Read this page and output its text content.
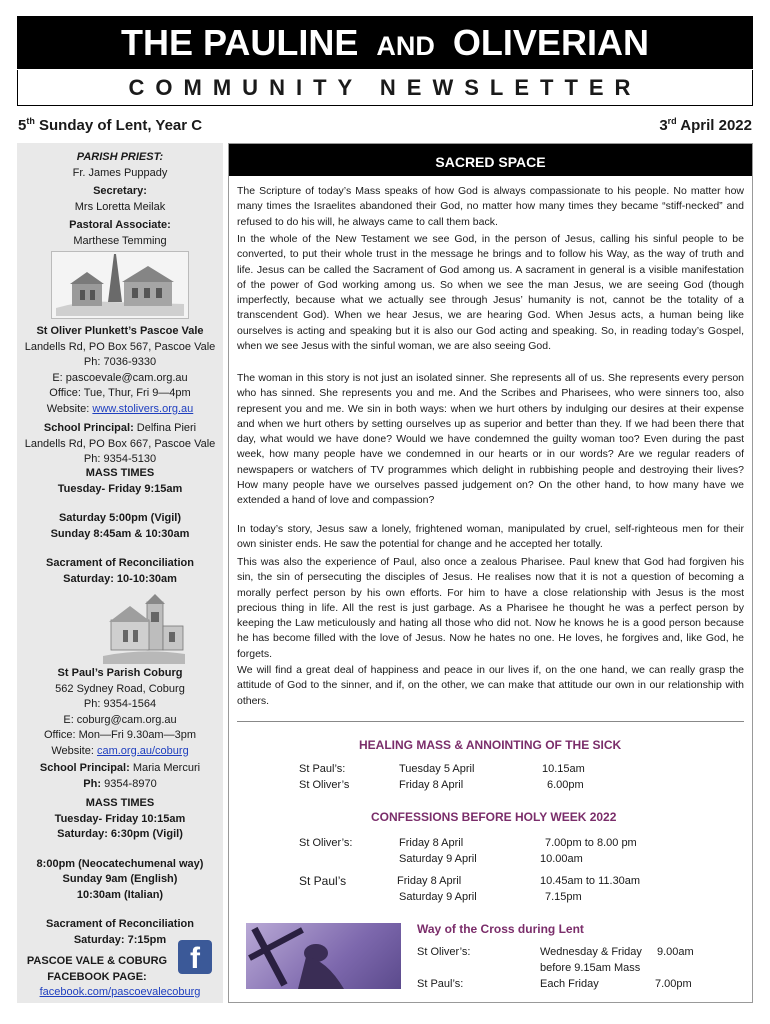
THE PAULINE AND OLIVERIAN
COMMUNITY NEWSLETTER
5th Sunday of Lent, Year C	3rd April 2022
PARISH PRIEST:
Fr. James Puppady
Secretary:
Mrs Loretta Meilak
Pastoral Associate:
Marthese Temming
St Oliver Plunkett’s Pascoe Vale
Landells Rd, PO Box 567, Pascoe Vale
Ph: 7036-9330
E: pascoevale@cam.org.au
Office: Tue, Thur, Fri 9—4pm
Website: www.stolivers.org.au
School Principal: Delfina Pieri
Landells Rd, PO Box 667, Pascoe Vale
Ph: 9354-5130
MASS TIMES
Tuesday- Friday 9:15am
Saturday 5:00pm (Vigil)
Sunday 8:45am & 10:30am
Sacrament of Reconciliation
Saturday: 10-10:30am
St Paul’s Parish Coburg
562 Sydney Road, Coburg
Ph: 9354-1564
E: coburg@cam.org.au
Office: Mon—Fri 9.30am—3pm
Website: cam.org.au/coburg
School Principal: Maria Mercuri
Ph: 9354-8970
MASS TIMES
Tuesday- Friday 10:15am
Saturday: 6:30pm (Vigil)
8:00pm (Neocatechumenal way)
Sunday 9am (English)
10:30am (Italian)
Sacrament of Reconciliation
Saturday: 7:15pm
PASCOE VALE & COBURG
FACEBOOK PAGE:
facebook.com/pascoevalecoburg
f
SACRED SPACE

The Scripture of today’s Mass speaks of how God is always compassionate to his people. No matter how many times the Israelites abandoned their God, no matter how many times they became “stiff-necked” and refused to do his will, he always came to call them back.

In the whole of the New Testament we see God, in the person of Jesus, calling his sinful people to be converted, to put their whole trust in the message he brings and to follow his Way, as the way of truth and life. Jesus can be called the Sacrament of God among us. A sacrament in general is a visible manifestation of the power of God working among us. So when we see the man Jesus, we are seeing God (though imperfectly, because what we actually see through Jesus’ humanity is not, cannot be the totality of a transcendent God). When we hear Jesus, we are hearing God. When Jesus acts, a human being like ourselves is acting and speaking but it is also our God acting and speaking. So, in reading today’s Gospel, when we see Jesus with the sinful woman, we are also seeing God.

The woman in this story is not just an isolated sinner. She represents all of us. She represents every person who has sinned. She represents you and me. And the Scribes and Pharisees, who were sinners too, also represent you and me. We sin in both ways: when we hurt others by indulging our desires at their expense and when we hurt others by setting ourselves up as superior and better than they. If we had been there that day, what would we have done? Would we have condemned the guilty woman too? Even during the past week, how many people have we condemned in our hearts or in our words? Are we regular readers of newspapers or watchers of TV programmes which delight in rubbishing people and destroying their lives? How many people have we ourselves passed judgement on? On the other hand, to how many have we extended a hand of love and compassion?

In today’s story, Jesus saw a lonely, frightened woman, manipulated by cruel, self-righteous men for their own sinister ends. He saw the potential for change and he accepted her totally.

This was also the experience of Paul, also once a zealous Pharisee. Paul knew that God had forgiven his sin, the sin of persecuting the disciples of Jesus. He realises now that it is not a question of becoming a morally perfect person by his own efforts. For him to have a close relationship with Jesus is the most precious thing in life. All the rest is just garbage. As a Pharisee he thought he was a perfect person by keeping the Law meticulously and hating all those who did not. Now he knows he is a good person because he has become filled with the love of Jesus. Now he hates no one. He loves, he forgives and, like God, he forgets.

We will find a great deal of happiness and peace in our lives if, on the one hand, we can really grasp the attitude of God to the sinner, and if, on the other, we can make that attitude our own in our relationship with others.

HEALING MASS & ANNOINTING OF THE SICK
St Paul’s:	Tuesday 5 April	10.15am
St Oliver’s	Friday 8 April	6.00pm
CONFESSIONS BEFORE HOLY WEEK 2022
St Oliver’s:	Friday 8 April	7.00pm to 8.00 pm
Saturday 9 April	10.00am
St Paul’s	Friday 8 April	10.45am to 11.30am
Saturday 9 April	7.15pm
Way of the Cross during Lent
St Oliver’s:	Wednesday & Friday 9.00am
before 9.15am Mass
St Paul’s:	Each Friday	7.00pm
